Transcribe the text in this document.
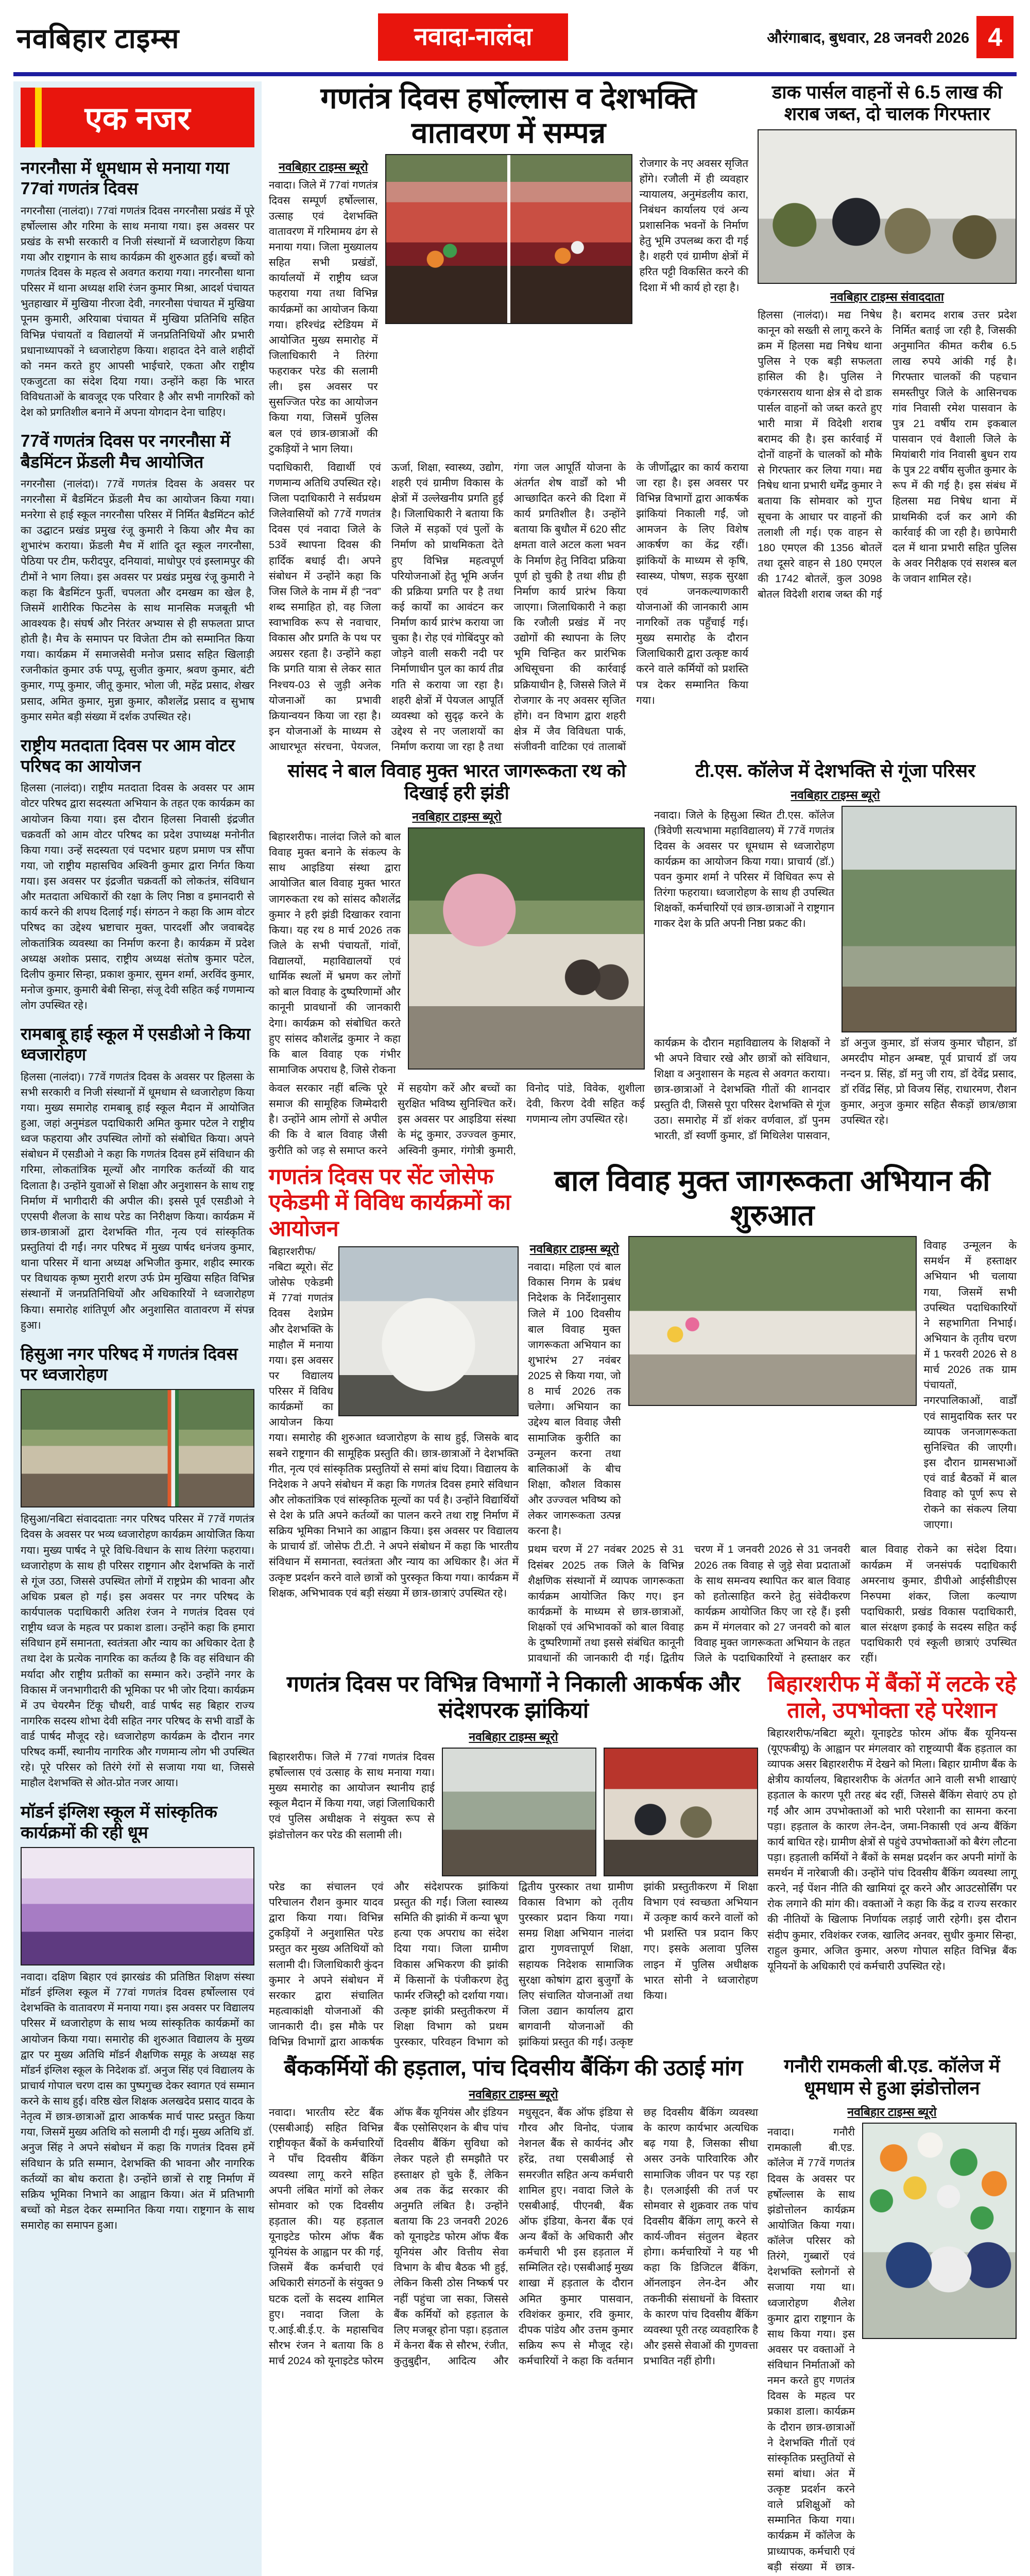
नवबिहार टाइम्स	नवादा-नालंदा	औरंगाबाद, बुधवार, 28 जनवरी 2026 4
एक नजर
नगरनौसा में धूमधाम से मनाया गया 77वां गणतंत्र दिवस

नगरनौसा (नालंदा)। 77वां गणतंत्र दिवस नगरनौसा प्रखंड में पूरे हर्षोल्लास और गरिमा के साथ मनाया गया। इस अवसर पर प्रखंड के सभी सरकारी व निजी संस्थानों में ध्वजारोहण किया गया और राष्ट्रगान के साथ कार्यक्रम की शुरुआत हुई। बच्चों को गणतंत्र दिवस के महत्व से अवगत कराया गया। नगरनौसा थाना परिसर में थाना अध्यक्ष शशि रंजन कुमार मिश्रा, आदर्श पंचायत भुतहाखार में मुखिया नीरजा देवी, नगरनौसा पंचायत में मुखिया पूनम कुमारी, अरियाबा पंचायत में मुखिया प्रतिनिधि सहित विभिन्न पंचायतों व विद्यालयों में जनप्रतिनिधियों और प्रभारी प्रधानाध्यापकों ने ध्वजारोहण किया। शहादत देने वाले शहीदों को नमन करते हुए आपसी भाईचारे, एकता और राष्ट्रीय एकजुटता का संदेश दिया गया। उन्होंने कहा कि भारत विविधताओं के बावजूद एक परिवार है और सभी नागरिकों को देश को प्रगतिशील बनाने में अपना योगदान देना चाहिए।

77वें गणतंत्र दिवस पर नगरनौसा में बैडमिंटन फ्रेंडली मैच आयोजित

नगरनौसा (नालंदा)। 77वें गणतंत्र दिवस के अवसर पर नगरनौसा में बैडमिंटन फ्रेंडली मैच का आयोजन किया गया। मनरेगा से हाई स्कूल नगरनौसा परिसर में निर्मित बैडमिंटन कोर्ट का उद्घाटन प्रखंड प्रमुख रंजू कुमारी ने किया और मैच का शुभारंभ कराया। फ्रेंडली मैच में शांति दूत स्कूल नगरनौसा, पेठिया पर टीम, फरीदपुर, दनियावां, माधोपुर एवं इस्लामपुर की टीमों ने भाग लिया। इस अवसर पर प्रखंड प्रमुख रंजू कुमारी ने कहा कि बैडमिंटन फुर्ती, चपलता और दमखम का खेल है, जिसमें शारीरिक फिटनेस के साथ मानसिक मजबूती भी आवश्यक है। संघर्ष और निरंतर अभ्यास से ही सफलता प्राप्त होती है। मैच के समापन पर विजेता टीम को सम्मानित किया गया। कार्यक्रम में समाजसेवी मनोज प्रसाद सहित खिलाड़ी रजनीकांत कुमार उर्फ पप्पू, सुजीत कुमार, श्रवण कुमार, बंटी कुमार, गप्पू कुमार, जीतू कुमार, भोला जी, महेंद्र प्रसाद, शेखर प्रसाद, अमित कुमार, मुन्ना कुमार, कौशलेंद्र प्रसाद व सुभाष कुमार समेत बड़ी संख्या में दर्शक उपस्थित रहे।

राष्ट्रीय मतदाता दिवस पर आम वोटर परिषद का आयोजन

हिलसा (नालंदा)। राष्ट्रीय मतदाता दिवस के अवसर पर आम वोटर परिषद द्वारा सदस्यता अभियान के तहत एक कार्यक्रम का आयोजन किया गया। इस दौरान हिलसा निवासी इंद्रजीत चक्रवर्ती को आम वोटर परिषद का प्रदेश उपाध्यक्ष मनोनीत किया गया। उन्हें सदस्यता एवं पदभार ग्रहण प्रमाण पत्र सौंपा गया, जो राष्ट्रीय महासचिव अश्विनी कुमार द्वारा निर्गत किया गया। इस अवसर पर इंद्रजीत चक्रवर्ती को लोकतंत्र, संविधान और मतदाता अधिकारों की रक्षा के लिए निष्ठा व इमानदारी से कार्य करने की शपथ दिलाई गई। संगठन ने कहा कि आम वोटर परिषद का उद्देश्य भ्रष्टाचार मुक्त, पारदर्शी और जवाबदेह लोकतांत्रिक व्यवस्था का निर्माण करना है। कार्यक्रम में प्रदेश अध्यक्ष अशोक प्रसाद, राष्ट्रीय अध्यक्ष संतोष कुमार पटेल, दिलीप कुमार सिन्हा, प्रकाश कुमार, सुमन शर्मा, अरविंद कुमार, मनोज कुमार, कुमारी बेबी सिन्हा, संजू देवी सहित कई गणमान्य लोग उपस्थित रहे।

रामबाबू हाई स्कूल में एसडीओ ने किया ध्वजारोहण

हिलसा (नालंदा)। 77वें गणतंत्र दिवस के अवसर पर हिलसा के सभी सरकारी व निजी संस्थानों में धूमधाम से ध्वजारोहण किया गया। मुख्य समारोह रामबाबू हाई स्कूल मैदान में आयोजित हुआ, जहां अनुमंडल पदाधिकारी अमित कुमार पटेल ने राष्ट्रीय ध्वज फहराया और उपस्थित लोगों को संबोधित किया। अपने संबोधन में एसडीओ ने कहा कि गणतंत्र दिवस हमें संविधान की गरिमा, लोकतांत्रिक मूल्यों और नागरिक कर्तव्यों की याद दिलाता है। उन्होंने युवाओं से शिक्षा और अनुशासन के साथ राष्ट्र निर्माण में भागीदारी की अपील की। इससे पूर्व एसडीओ ने एएसपी शैलजा के साथ परेड का निरीक्षण किया। कार्यक्रम में छात्र-छात्राओं द्वारा देशभक्ति गीत, नृत्य एवं सांस्कृतिक प्रस्तुतियां दी गईं। नगर परिषद में मुख्य पार्षद धनंजय कुमार, थाना परिसर में थाना अध्यक्ष अभिजीत कुमार, शहीद स्मारक पर विधायक कृष्ण मुरारी शरण उर्फ प्रेम मुखिया सहित विभिन्न संस्थानों में जनप्रतिनिधियों और अधिकारियों ने ध्वजारोहण किया। समारोह शांतिपूर्ण और अनुशासित वातावरण में संपन्न हुआ।

हिसुआ नगर परिषद में गणतंत्र दिवस पर ध्वजारोहण

हिसुआ/नबिटा संवाददाताः नगर परिषद परिसर में 77वें गणतंत्र दिवस के अवसर पर भव्य ध्वजारोहण कार्यक्रम आयोजित किया गया। मुख्य पार्षद ने पूरे विधि-विधान के साथ तिरंगा फहराया। ध्वजारोहण के साथ ही परिसर राष्ट्रगान और देशभक्ति के नारों से गूंज उठा, जिससे उपस्थित लोगों में राष्ट्रप्रेम की भावना और अधिक प्रबल हो गई। इस अवसर पर नगर परिषद के कार्यपालक पदाधिकारी अतिश रंजन ने गणतंत्र दिवस एवं राष्ट्रीय ध्वज के महत्व पर प्रकाश डाला। उन्होंने कहा कि हमारा संविधान हमें समानता, स्वतंत्रता और न्याय का अधिकार देता है तथा देश के प्रत्येक नागरिक का कर्तव्य है कि वह संविधान की मर्यादा और राष्ट्रीय प्रतीकों का सम्मान करे। उन्होंने नगर के विकास में जनभागीदारी की भूमिका पर भी जोर दिया। कार्यक्रम में उप चेयरमैन टिंकू चौधरी, वार्ड पार्षद सह बिहार राज्य नागरिक सदस्य शोभा देवी सहित नगर परिषद के सभी वार्डों के वार्ड पार्षद मौजूद रहे। ध्वजारोहण कार्यक्रम के दौरान नगर परिषद कर्मी, स्थानीय नागरिक और गणमान्य लोग भी उपस्थित रहे। पूरे परिसर को तिरंगे रंगों से सजाया गया था, जिससे माहौल देशभक्ति से ओत-प्रोत नजर आया।

मॉडर्न इंग्लिश स्कूल में सांस्कृतिक कार्यक्रमों की रही धूम

नवादा। दक्षिण बिहार एवं झारखंड की प्रतिष्ठित शिक्षण संस्था मॉडर्न इंग्लिश स्कूल में 77वां गणतंत्र दिवस हर्षोल्लास एवं देशभक्ति के वातावरण में मनाया गया। इस अवसर पर विद्यालय परिसर में ध्वजारोहण के साथ भव्य सांस्कृतिक कार्यक्रमों का आयोजन किया गया। समारोह की शुरुआत विद्यालय के मुख्य द्वार पर मुख्य अतिथि मॉडर्न शैक्षणिक समूह के अध्यक्ष सह मॉडर्न इंग्लिश स्कूल के निदेशक डॉ. अनुज सिंह एवं विद्यालय के प्राचार्य गोपाल चरण दास का पुष्पगुच्छ देकर स्वागत एवं सम्मान करने के साथ हुई। वरिष्ठ खेल शिक्षक अलखदेव प्रसाद यादव के नेतृत्व में छात्र-छात्राओं द्वारा आकर्षक मार्च पास्ट प्रस्तुत किया गया, जिसमें मुख्य अतिथि को सलामी दी गई। मुख्य अतिथि डॉ. अनुज सिंह ने अपने संबोधन में कहा कि गणतंत्र दिवस हमें संविधान के प्रति सम्मान, देशभक्ति की भावना और नागरिक कर्तव्यों का बोध कराता है। उन्होंने छात्रों से राष्ट्र निर्माण में सक्रिय भूमिका निभाने का आह्वान किया। अंत में प्रतिभागी बच्चों को मेडल देकर सम्मानित किया गया। राष्ट्रगान के साथ समारोह का समापन हुआ।

गणतंत्र दिवस हर्षोल्लास व देशभक्ति वातावरण में सम्पन्न
नवबिहार टाइम्स ब्यूरो

नवादा। जिले में 77वां गणतंत्र दिवस सम्पूर्ण हर्षोल्लास, उत्साह एवं देशभक्ति वातावरण में गरिमामय ढंग से मनाया गया। जिला मुख्यालय सहित सभी प्रखंडों, कार्यालयों में राष्ट्रीय ध्वज फहराया गया तथा विभिन्न कार्यक्रमों का आयोजन किया गया। हरिश्चंद्र स्टेडियम में आयोजित मुख्य समारोह में जिलाधिकारी ने तिरंगा फहराकर परेड की सलामी ली। इस अवसर पर सुसज्जित परेड का आयोजन किया गया, जिसमें पुलिस बल एवं छात्र-छात्राओं की टुकड़ियों ने भाग लिया।

रोजगार के नए अवसर सृजित होंगे। रजौली में ही व्यवहार न्यायालय, अनुमंडलीय कारा, निबंधन कार्यालय एवं अन्य प्रशासनिक भवनों के निर्माण हेतु भूमि उपलब्ध करा दी गई है। शहरी एवं ग्रामीण क्षेत्रों में हरित पट्टी विकसित करने की दिशा में भी कार्य हो रहा है।

पदाधिकारी, विद्यार्थी एवं गणमान्य अतिथि उपस्थित रहे। जिला पदाधिकारी ने सर्वप्रथम जिलेवासियों को 77वें गणतंत्र दिवस एवं नवादा जिले के 53वें स्थापना दिवस की हार्दिक बधाई दी। अपने संबोधन में उन्होंने कहा कि जिस जिले के नाम में ही “नव” शब्द समाहित हो, वह जिला स्वाभाविक रूप से नवाचार, विकास और प्रगति के पथ पर अग्रसर रहता है। उन्होंने कहा कि प्रगति यात्रा से लेकर सात निश्चय-03 से जुड़ी अनेक योजनाओं का प्रभावी क्रियान्वयन किया जा रहा है। इन योजनाओं के माध्यम से आधारभूत संरचना, पेयजल, ऊर्जा, शिक्षा, स्वास्थ्य, उद्योग, शहरी एवं ग्रामीण विकास के क्षेत्रों में उल्लेखनीय प्रगति हुई है। जिलाधिकारी ने बताया कि जिले में सड़कों एवं पुलों के निर्माण को प्राथमिकता देते हुए विभिन्न महत्वपूर्ण परियोजनाओं हेतु भूमि अर्जन की प्रक्रिया प्रगति पर है तथा कई कार्यों का आवंटन कर निर्माण कार्य प्रारंभ कराया जा चुका है। रोह एवं गोबिंदपुर को जोड़ने वाली सकरी नदी पर निर्माणाधीन पुल का कार्य तीव्र गति से कराया जा रहा है। शहरी क्षेत्रों में पेयजल आपूर्ति व्यवस्था को सुदृढ़ करने के उद्देश्य से नए जलाशयों का निर्माण कराया जा रहा है तथा गंगा जल आपूर्ति योजना के अंतर्गत शेष वार्डों को भी आच्छादित करने की दिशा में कार्य प्रगतिशील है। उन्होंने बताया कि बुधौल में 620 सीट क्षमता वाले अटल कला भवन के निर्माण हेतु निविदा प्रक्रिया पूर्ण हो चुकी है तथा शीघ्र ही निर्माण कार्य प्रारंभ किया जाएगा। जिलाधिकारी ने कहा कि रजौली प्रखंड में नए उद्योगों की स्थापना के लिए भूमि चिन्हित कर प्रारंभिक अधिसूचना की कार्रवाई प्रक्रियाधीन है, जिससे जिले में रोजगार के नए अवसर सृजित होंगे। वन विभाग द्वारा शहरी क्षेत्र में जैव विविधता पार्क, संजीवनी वाटिका एवं तालाबों के जीर्णोद्धार का कार्य कराया जा रहा है। इस अवसर पर विभिन्न विभागों द्वारा आकर्षक झांकियां निकाली गईं, जो आमजन के लिए विशेष आकर्षण का केंद्र रहीं। झांकियों के माध्यम से कृषि, स्वास्थ्य, पोषण, सड़क सुरक्षा एवं जनकल्याणकारी योजनाओं की जानकारी आम नागरिकों तक पहुँचाई गई। मुख्य समारोह के दौरान जिलाधिकारी द्वारा उत्कृष्ट कार्य करने वाले कर्मियों को प्रशस्ति पत्र देकर सम्मानित किया गया।

डाक पार्सल वाहनों से 6.5 लाख की शराब जब्त, दो चालक गिरफ्तार
नवबिहार टाइम्स संवाददाता

हिलसा (नालंदा)। मद्य निषेध कानून को सख्ती से लागू करने के क्रम में हिलसा मद्य निषेध थाना पुलिस ने एक बड़ी सफलता हासिल की है। पुलिस ने एकंगरसराय थाना क्षेत्र से दो डाक पार्सल वाहनों को जब्त करते हुए भारी मात्रा में विदेशी शराब बरामद की है। इस कार्रवाई में दोनों वाहनों के चालकों को मौके से गिरफ्तार कर लिया गया। मद्य निषेध थाना प्रभारी धर्मेंद्र कुमार ने बताया कि सोमवार को गुप्त सूचना के आधार पर वाहनों की तलाशी ली गई। एक वाहन से 180 एमएल की 1356 बोतलें तथा दूसरे वाहन से 180 एमएल की 1742 बोतलें, कुल 3098 बोतल विदेशी शराब जब्त की गई है। बरामद शराब उत्तर प्रदेश निर्मित बताई जा रही है, जिसकी अनुमानित कीमत करीब 6.5 लाख रुपये आंकी गई है। गिरफ्तार चालकों की पहचान समस्तीपुर जिले के आसिनचक गांव निवासी रमेश पासवान के पुत्र 21 वर्षीय राम इकबाल पासवान एवं वैशाली जिले के मियांबारी गांव निवासी बुधन राय के पुत्र 22 वर्षीय सुजीत कुमार के रूप में की गई है। इस संबंध में हिलसा मद्य निषेध थाना में प्राथमिकी दर्ज कर आगे की कार्रवाई की जा रही है। छापेमारी दल में थाना प्रभारी सहित पुलिस के अवर निरीक्षक एवं सशस्त्र बल के जवान शामिल रहे।

सांसद ने बाल विवाह मुक्त भारत जागरूकता रथ को दिखाई हरी झंडी
नवबिहार टाइम्स ब्यूरो

बिहारशरीफ। नालंदा जिले को बाल विवाह मुक्त बनाने के संकल्प के साथ आइडिया संस्था द्वारा आयोजित बाल विवाह मुक्त भारत जागरुकता रथ को सांसद कौशलेंद्र कुमार ने हरी झंडी दिखाकर रवाना किया। यह रथ 8 मार्च 2026 तक जिले के सभी पंचायतों, गांवों, विद्यालयों, महाविद्यालयों एवं धार्मिक स्थलों में भ्रमण कर लोगों को बाल विवाह के दुष्परिणामों और कानूनी प्रावधानों की जानकारी देगा। कार्यक्रम को संबोधित करते हुए सांसद कौशलेंद्र कुमार ने कहा कि बाल विवाह एक गंभीर सामाजिक अपराध है, जिसे रोकना

केवल सरकार नहीं बल्कि पूरे समाज की सामूहिक जिम्मेदारी है। उन्होंने आम लोगों से अपील की कि वे बाल विवाह जैसी कुरीति को जड़ से समाप्त करने में सहयोग करें और बच्चों का सुरक्षित भविष्य सुनिश्चित करें। इस अवसर पर आइडिया संस्था के मंटू कुमार, उज्ज्वल कुमार, अस्विनी कुमार, गंगोत्री कुमारी, विनोद पांडे, विवेक, शुशीला देवी, किरण देवी सहित कई गणमान्य लोग उपस्थित रहे।

टी.एस. कॉलेज में देशभक्ति से गूंजा परिसर
नवबिहार टाइम्स ब्यूरो

नवादा। जिले के हिसुआ स्थित टी.एस. कॉलेज (त्रिवेणी सत्यभामा महाविद्यालय) में 77वें गणतंत्र दिवस के अवसर पर धूमधाम से ध्वजारोहण कार्यक्रम का आयोजन किया गया। प्राचार्य (डॉ.) पवन कुमार शर्मा ने परिसर में विधिवत रूप से तिरंगा फहराया। ध्वजारोहण के साथ ही उपस्थित शिक्षकों, कर्मचारियों एवं छात्र-छात्राओं ने राष्ट्रगान गाकर देश के प्रति अपनी निष्ठा प्रकट की।

कार्यक्रम के दौरान महाविद्यालय के शिक्षकों ने भी अपने विचार रखे और छात्रों को संविधान, शिक्षा व अनुशासन के महत्व से अवगत कराया। छात्र-छात्राओं ने देशभक्ति गीतों की शानदार प्रस्तुति दी, जिससे पूरा परिसर देशभक्ति से गूंज उठा। समारोह में डॉ शंकर वर्णवाल, डॉ पुनम भारती, डॉ स्वर्णी कुमार, डॉ मिथिलेश पासवान, डॉ अनुज कुमार, डॉ संजय कुमार चौहान, डॉ अमरदीप मोहन अम्बष्ट, पूर्व प्राचार्य डॉ जय नन्दन प्र. सिंह, डॉ मनु जी राय, डॉ देवेंद्र प्रसाद, डॉ रविंद्र सिंह, प्रो विजय सिंह, राधारमण, रौशन कुमार, अनुज कुमार सहित सैकड़ों छात्र/छात्रा उपस्थित रहे।

गणतंत्र दिवस पर सेंट जोसेफ एकेडमी में विविध कार्यक्रमों का आयोजन

बिहारशरीफ/ नबिटा ब्यूरो। सेंट जोसेफ एकेडमी में 77वां गणतंत्र दिवस देशप्रेम और देशभक्ति के माहौल में मनाया गया। इस अवसर पर विद्यालय परिसर में विविध कार्यक्रमों का आयोजन किया गया। समारोह की शुरुआत ध्वजारोहण के साथ हुई, जिसके बाद सबने राष्ट्रगान की सामूहिक प्रस्तुति की। छात्र-छात्राओं ने देशभक्ति गीत, नृत्य एवं सांस्कृतिक प्रस्तुतियों से समां बांध दिया। विद्यालय के निदेशक ने अपने संबोधन में कहा कि गणतंत्र दिवस हमारे संविधान और लोकतांत्रिक एवं सांस्कृतिक मूल्यों का पर्व है। उन्होंने विद्यार्थियों से देश के प्रति अपने कर्तव्यों का पालन करने तथा राष्ट्र निर्माण में सक्रिय भूमिका निभाने का आह्वान किया। इस अवसर पर विद्यालय के प्राचार्य डॉ. जोसेफ टी.टी. ने अपने संबोधन में कहा कि भारतीय संविधान में समानता, स्वतंत्रता और न्याय का अधिकार है। अंत में उत्कृष्ट प्रदर्शन करने वाले छात्रों को पुरस्कृत किया गया। कार्यक्रम में शिक्षक, अभिभावक एवं बड़ी संख्या में छात्र-छात्राएं उपस्थित रहे।

बाल विवाह मुक्त जागरूकता अभियान की शुरुआत
नवबिहार टाइम्स ब्यूरो

नवादा। महिला एवं बाल विकास निगम के प्रबंध निदेशक के निर्देशानुसार जिले में 100 दिवसीय बाल विवाह मुक्त जागरूकता अभियान का शुभारंभ 27 नवंबर 2025 से किया गया, जो 8 मार्च 2026 तक चलेगा। अभियान का उद्देश्य बाल विवाह जैसी सामाजिक कुरीति का उन्मूलन करना तथा बालिकाओं के बीच शिक्षा, कौशल विकास और उज्ज्वल भविष्य को लेकर जागरूकता उत्पन्न करना है।

विवाह उन्मूलन के समर्थन में हस्ताक्षर अभियान भी चलाया गया, जिसमें सभी उपस्थित पदाधिकारियों ने सहभागिता निभाई। अभियान के तृतीय चरण में 1 फरवरी 2026 से 8 मार्च 2026 तक ग्राम पंचायतों, नगरपालिकाओं, वार्डों एवं सामुदायिक स्तर पर व्यापक जनजागरूकता सुनिश्चित की जाएगी। इस दौरान ग्रामसभाओं एवं वार्ड बैठकों में बाल विवाह को पूर्ण रूप से रोकने का संकल्प लिया जाएगा।

प्रथम चरण में 27 नवंबर 2025 से 31 दिसंबर 2025 तक जिले के विभिन्न शैक्षणिक संस्थानों में व्यापक जागरूकता कार्यक्रम आयोजित किए गए। इन कार्यक्रमों के माध्यम से छात्र-छात्राओं, शिक्षकों एवं अभिभावकों को बाल विवाह के दुष्परिणामों तथा इससे संबंधित कानूनी प्रावधानों की जानकारी दी गई। द्वितीय चरण में 1 जनवरी 2026 से 31 जनवरी 2026 तक विवाह से जुड़े सेवा प्रदाताओं के साथ समन्वय स्थापित कर बाल विवाह को हतोत्साहित करने हेतु संवेदीकरण कार्यक्रम आयोजित किए जा रहे हैं। इसी क्रम में मंगलवार को 27 जनवरी को बाल विवाह मुक्त जागरूकता अभियान के तहत जिले के पदाधिकारियों ने हस्ताक्षर कर बाल विवाह रोकने का संदेश दिया। कार्यक्रम में जनसंपर्क पदाधिकारी अमरनाथ कुमार, डीपीओ आईसीडीएस निरुपमा शंकर, जिला कल्याण पदाधिकारी, प्रखंड विकास पदाधिकारी, बाल संरक्षण इकाई के सदस्य सहित कई पदाधिकारी एवं स्कूली छात्राएं उपस्थित रहीं।

गणतंत्र दिवस पर विभिन्न विभागों ने निकाली आकर्षक और संदेशपरक झांकियां
नवबिहार टाइम्स ब्यूरो

बिहारशरीफ। जिले में 77वां गणतंत्र दिवस हर्षोल्लास एवं उत्साह के साथ मनाया गया। मुख्य समारोह का आयोजन स्थानीय हाई स्कूल मैदान में किया गया, जहां जिलाधिकारी एवं पुलिस अधीक्षक ने संयुक्त रूप से झंडोत्तोलन कर परेड की सलामी ली।

परेड का संचालन एवं परिचालन रौशन कुमार यादव द्वारा किया गया। विभिन्न टुकड़ियों ने अनुशासित परेड प्रस्तुत कर मुख्य अतिथियों को सलामी दी। जिलाधिकारी कुंदन कुमार ने अपने संबोधन में सरकार द्वारा संचालित महत्वाकांक्षी योजनाओं की जानकारी दी। इस मौके पर विभिन्न विभागों द्वारा आकर्षक और संदेशपरक झांकियां प्रस्तुत की गईं। जिला स्वास्थ्य समिति की झांकी में कन्या भ्रूण हत्या एक अपराध का संदेश दिया गया। जिला ग्रामीण विकास अभिकरण की झांकी में किसानों के पंजीकरण हेतु फार्मर रजिस्ट्री को दर्शाया गया। उत्कृष्ट झांकी प्रस्तुतीकरण में शिक्षा विभाग को प्रथम पुरस्कार, परिवहन विभाग को द्वितीय पुरस्कार तथा ग्रामीण विकास विभाग को तृतीय पुरस्कार प्रदान किया गया। समग्र शिक्षा अभियान नालंदा द्वारा गुणवत्तापूर्ण शिक्षा, सहायक निदेशक सामाजिक सुरक्षा कोषांग द्वारा बुजुर्गों के लिए संचालित योजनाओं तथा जिला उद्यान कार्यालय द्वारा बागवानी योजनाओं की झांकियां प्रस्तुत की गईं। उत्कृष्ट झांकी प्रस्तुतीकरण में शिक्षा विभाग एवं स्वच्छता अभियान में उत्कृष्ट कार्य करने वालों को भी प्रशस्ति पत्र प्रदान किए गए। इसके अलावा पुलिस लाइन में पुलिस अधीक्षक भारत सोनी ने ध्वजारोहण किया।

बिहारशरीफ में बैंकों में लटके रहे ताले, उपभोक्ता रहे परेशान

बिहारशरीफ/नबिटा ब्यूरो। यूनाइटेड फोरम ऑफ बैंक यूनियन्स (यूएफबीयू) के आह्वान पर मंगलवार को राष्ट्रव्यापी बैंक हड़ताल का व्यापक असर बिहारशरीफ में देखने को मिला। बिहार ग्रामीण बैंक के क्षेत्रीय कार्यालय, बिहारशरीफ के अंतर्गत आने वाली सभी शाखाएं हड़ताल के कारण पूरी तरह बंद रहीं, जिससे बैंकिंग सेवाएं ठप हो गईं और आम उपभोक्ताओं को भारी परेशानी का सामना करना पड़ा। हड़ताल के कारण लेन-देन, जमा-निकासी एवं अन्य बैंकिंग कार्य बाधित रहे। ग्रामीण क्षेत्रों से पहुंचे उपभोक्ताओं को बैरंग लौटना पड़ा। हड़ताली कर्मियों ने बैंकों के समक्ष प्रदर्शन कर अपनी मांगों के समर्थन में नारेबाजी की। उन्होंने पांच दिवसीय बैंकिंग व्यवस्था लागू करने, नई पेंशन नीति की खामियां दूर करने और आउटसोर्सिंग पर रोक लगाने की मांग की। वक्ताओं ने कहा कि केंद्र व राज्य सरकार की नीतियों के खिलाफ निर्णायक लड़ाई जारी रहेगी। इस दौरान संदीप कुमार, रविशंकर रजक, खालिद अनवर, सुधीर कुमार सिन्हा, राहुल कुमार, अजित कुमार, अरुण गोपाल सहित विभिन्न बैंक यूनियनों के अधिकारी एवं कर्मचारी उपस्थित रहे।

बैंककर्मियों की हड़ताल, पांच दिवसीय बैंकिंग की उठाई मांग
नवबिहार टाइम्स ब्यूरो

नवादा। भारतीय स्टेट बैंक (एसबीआई) सहित विभिन्न राष्ट्रीयकृत बैंकों के कर्मचारियों ने पाँच दिवसीय बैंकिंग व्यवस्था लागू करने सहित अपनी लंबित मांगों को लेकर सोमवार को एक दिवसीय हड़ताल की। यह हड़ताल यूनाइटेड फोरम ऑफ बैंक यूनियंस के आह्वान पर की गई, जिसमें बैंक कर्मचारी एवं अधिकारी संगठनों के संयुक्त 9 घटक दलों के सदस्य शामिल हुए। नवादा जिला के ए.आई.बी.ई.ए. के महासचिव सौरभ रंजन ने बताया कि 8 मार्च 2024 को यूनाइटेड फोरम ऑफ बैंक यूनियंस और इंडियन बैंक एसोसिएशन के बीच पांच दिवसीय बैंकिंग सुविधा को लेकर पहले ही समझौते पर हस्ताक्षर हो चुके हैं, लेकिन अब तक केंद्र सरकार की अनुमति लंबित है। उन्होंने बताया कि 23 जनवरी 2026 को यूनाइटेड फोरम ऑफ बैंक यूनियंस और वित्तीय सेवा विभाग के बीच बैठक भी हुई, लेकिन किसी ठोस निष्कर्ष पर नहीं पहुंचा जा सका, जिससे बैंक कर्मियों को हड़ताल के लिए मजबूर होना पड़ा। हड़ताल में केनरा बैंक से सौरभ, रंजीत, कुतुबुद्दीन, आदित्य और मधुसूदन, बैंक ऑफ इंडिया से गौरव और विनोद, पंजाब नेशनल बैंक से कार्यनंद और हरेंद्र, तथा एसबीआई से समरजीत सहित अन्य कर्मचारी शामिल हुए। नवादा जिले के एसबीआई, पीएनबी, बैंक ऑफ इंडिया, केनरा बैंक एवं अन्य बैंकों के अधिकारी और कर्मचारी भी इस हड़ताल में सम्मिलित रहे। एसबीआई मुख्य शाखा में हड़ताल के दौरान अमित कुमार पासवान, रविशंकर कुमार, रवि कुमार, दीपक पांडेय और उत्तम कुमार सक्रिय रूप से मौजूद रहे। कर्मचारियों ने कहा कि वर्तमान छह दिवसीय बैंकिंग व्यवस्था के कारण कार्यभार अत्यधिक बढ़ गया है, जिसका सीधा असर उनके पारिवारिक और सामाजिक जीवन पर पड़ रहा है। एलआईसी की तर्ज पर सोमवार से शुक्रवार तक पांच दिवसीय बैंकिंग लागू करने से कार्य-जीवन संतुलन बेहतर होगा। कर्मचारियों ने यह भी कहा कि डिजिटल बैंकिंग, ऑनलाइन लेन-देन और तकनीकी संसाधनों के विस्तार के कारण पांच दिवसीय बैंकिंग व्यवस्था पूरी तरह व्यवहारिक है और इससे सेवाओं की गुणवत्ता प्रभावित नहीं होगी।

गनौरी रामकली बी.एड. कॉलेज में धूमधाम से हुआ झंडोत्तोलन
नवबिहार टाइम्स ब्यूरो

नवादा। गनौरी रामकाली बी.एड. कॉलेज में 77वें गणतंत्र दिवस के अवसर पर हर्षोल्लास के साथ झंडोत्तोलन कार्यक्रम आयोजित किया गया। कॉलेज परिसर को तिरंगे, गुब्बारों एवं देशभक्ति स्लोगनों से सजाया गया था। ध्वजारोहण शैलेश कुमार द्वारा राष्ट्रगान के साथ किया गया। इस अवसर पर वक्ताओं ने संविधान निर्माताओं को नमन करते हुए गणतंत्र दिवस के महत्व पर प्रकाश डाला। कार्यक्रम के दौरान छात्र-छात्राओं ने देशभक्ति गीतों एवं सांस्कृतिक प्रस्तुतियों से समां बांधा। अंत में उत्कृष्ट प्रदर्शन करने वाले प्रशिक्षुओं को सम्मानित किया गया। कार्यक्रम में कॉलेज के प्राध्यापक, कर्मचारी एवं बड़ी संख्या में छात्र-
